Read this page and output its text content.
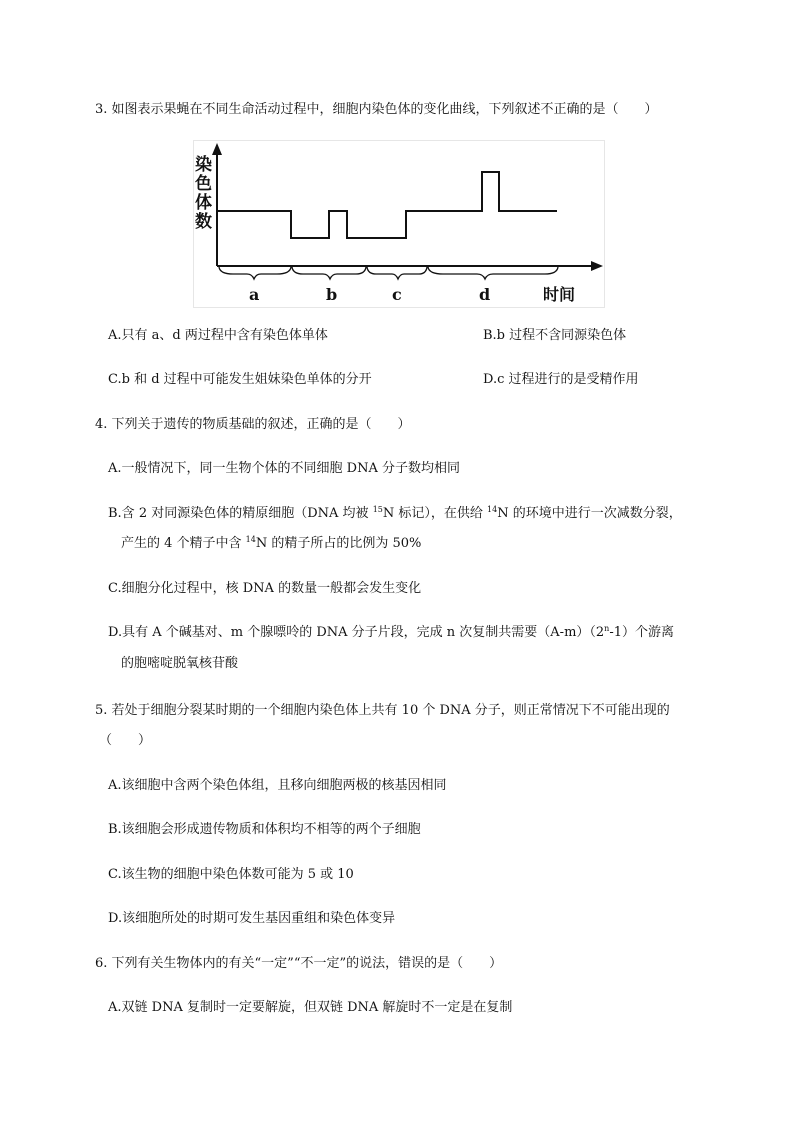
3. 如图表示果蝇在不同生命活动过程中，细胞内染色体的变化曲线，下列叙述不正确的是（　　）
染
色
体
数
a	b	c	d	时间
A.只有 a、d 两过程中含有染色体单体	B.b 过程不含同源染色体
C.b 和 d 过程中可能发生姐妹染色单体的分开	D.c 过程进行的是受精作用
4. 下列关于遗传的物质基础的叙述，正确的是（　　）
A.一般情况下，同一生物个体的不同细胞 DNA 分子数均相同
B.含 2 对同源染色体的精原细胞（DNA 均被 $^{15}$N 标记），在供给 $^{14}$N 的环境中进行一次减数分裂，
产生的 4 个精子中含 $^{14}$N 的精子所占的比例为 50%
C.细胞分化过程中，核 DNA 的数量一般都会发生变化
D.具有 A 个碱基对、m 个腺嘌呤的 DNA 分子片段，完成 n 次复制共需要（A-m）（2$^n$-1）个游离
的胞嘧啶脱氧核苷酸
5. 若处于细胞分裂某时期的一个细胞内染色体上共有 10 个 DNA 分子，则正常情况下不可能出现的
（　　）
A.该细胞中含两个染色体组，且移向细胞两极的核基因相同
B.该细胞会形成遗传物质和体积均不相等的两个子细胞
C.该生物的细胞中染色体数可能为 5 或 10
D.该细胞所处的时期可发生基因重组和染色体变异
6. 下列有关生物体内的有关“一定”“不一定”的说法，错误的是（　　）
A.双链 DNA 复制时一定要解旋，但双链 DNA 解旋时不一定是在复制
